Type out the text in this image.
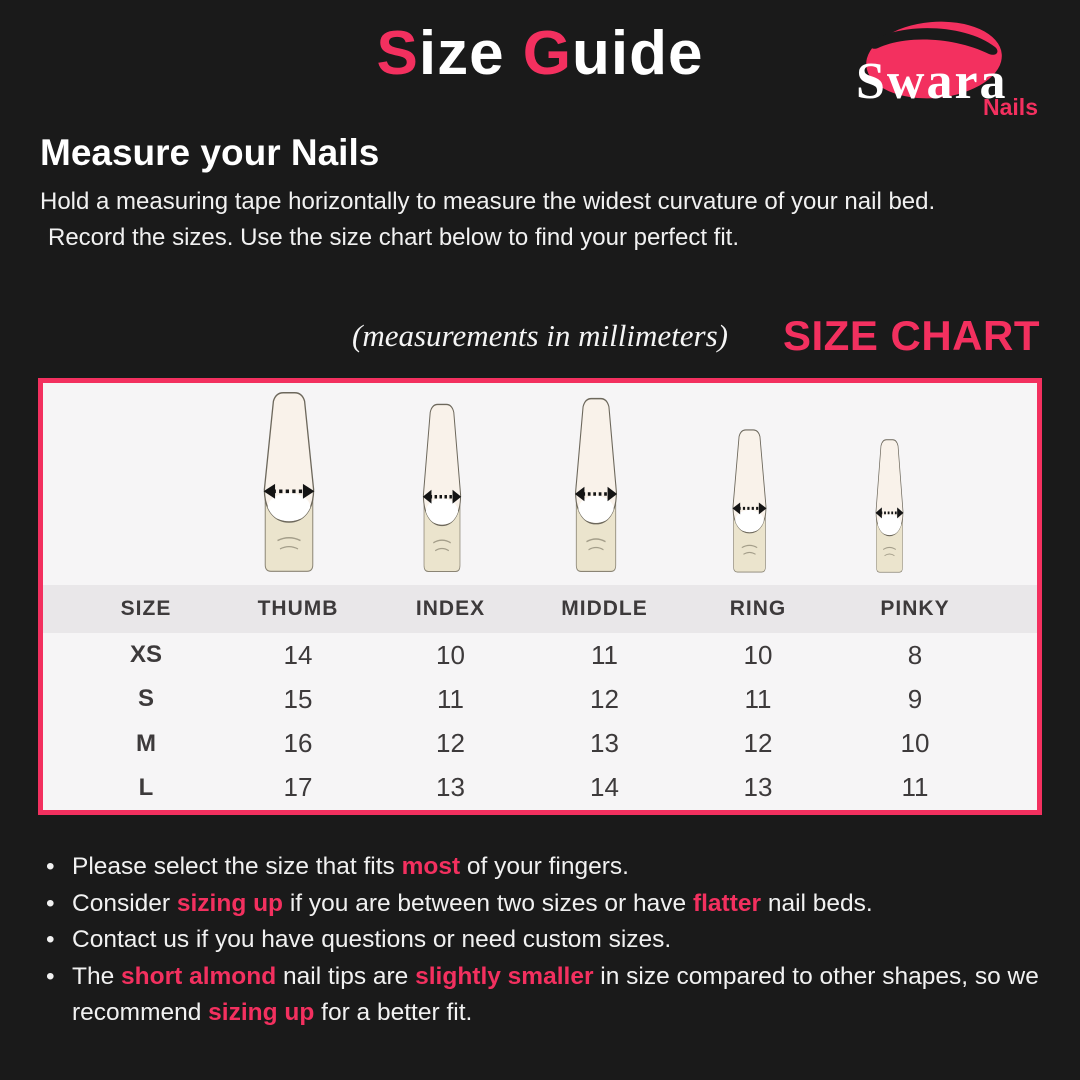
Size Guide	Swara
Nails
Measure your Nails
Hold a measuring tape horizontally to measure the widest curvature of your nail bed.
Record the sizes. Use the size chart below to find your perfect fit.
(measurements in millimeters)	SIZE CHART
SIZE	THUMB	INDEX	MIDDLE	RING	PINKY
XS	14	10	11	10	8
S	15	11	12	11	9
M	16	12	13	12	10
L	17	13	14	13	11
• Please select the size that fits most of your fingers.
• Consider sizing up if you are between two sizes or have flatter nail beds.
• Contact us if you have questions or need custom sizes.
• The short almond nail tips are slightly smaller in size compared to other shapes, so we recommend sizing up for a better fit.
